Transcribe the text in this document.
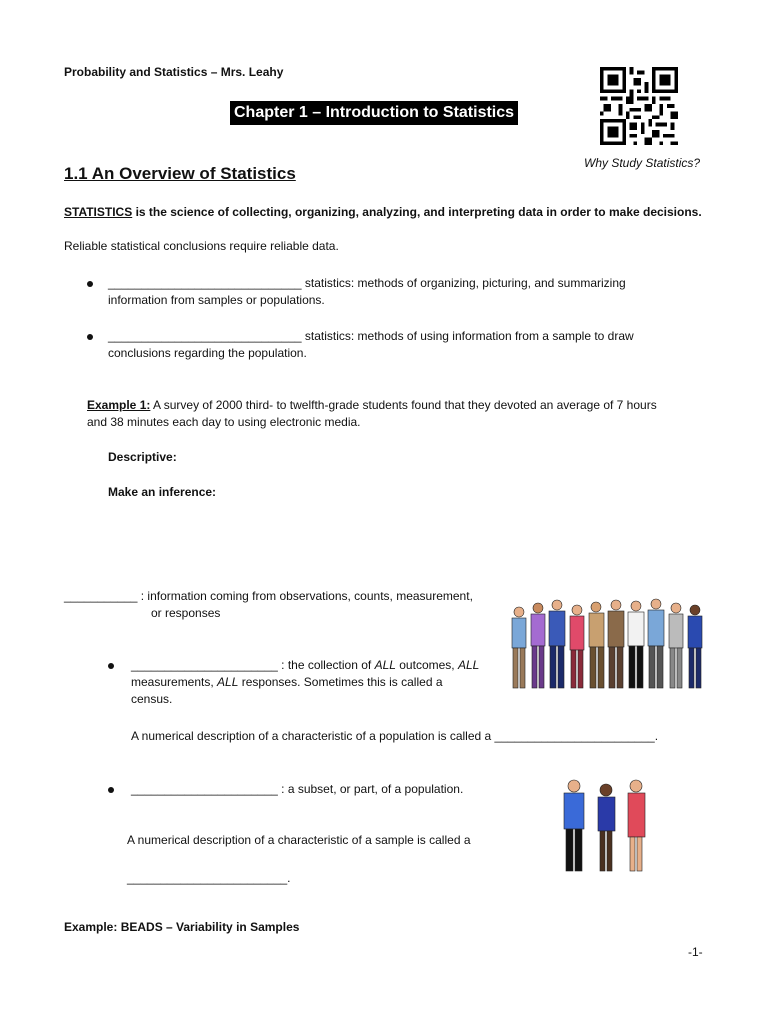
Probability and Statistics – Mrs. Leahy
Chapter 1 – Introduction to Statistics
Why Study Statistics?
1.1 An Overview of Statistics
STATISTICS is the science of collecting, organizing, analyzing, and interpreting data in order to make decisions.
Reliable statistical conclusions require reliable data.
_____________________________ statistics: methods of organizing, picturing, and summarizing
information from samples or populations.
_____________________________ statistics: methods of using information from a sample to draw
conclusions regarding the population.
Example 1: A survey of 2000 third- to twelfth-grade students found that they devoted an average of 7 hours
and 38 minutes each day to using electronic media.
Descriptive:
Make an inference:
___________ : information coming from observations, counts, measurement,
or responses
______________________ : the collection of ALL outcomes, ALL
measurements, ALL responses. Sometimes this is called a
census.
A numerical description of a characteristic of a population is called a ________________________.
______________________ : a subset, or part, of a population.
A numerical description of a characteristic of a sample is called a
________________________.
Example: BEADS – Variability in Samples
-1-
